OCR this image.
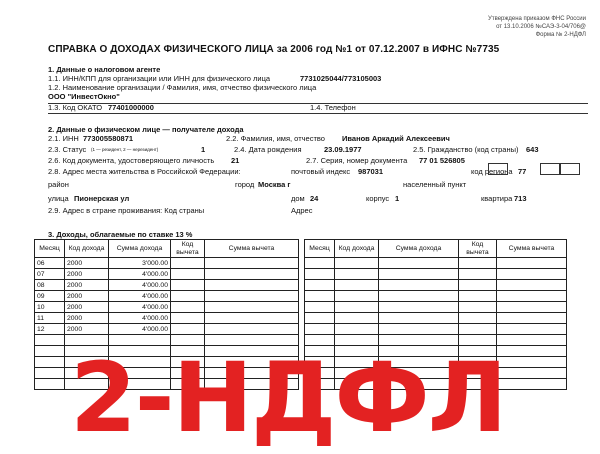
Утверждена приказом ФНС России
от 13.10.2006 №САЭ-3-04/706@
Форма № 2-НДФЛ
СПРАВКА О ДОХОДАХ ФИЗИЧЕСКОГО ЛИЦА за 2006 год №1 от 07.12.2007 в ИФНС №7735
1. Данные о налоговом агенте
1.1. ИНН/КПП для организации или ИНН для физического лица	7731025044/773105003
1.2. Наименование организации / Фамилия, имя, отчество физического лица
ООО "ИнвестОкно"
1.3. Код ОКАТО 77401000000	1.4. Телефон
2. Данные о физическом лице — получателе дохода
2.1. ИНН 773005580871	2.2. Фамилия, имя, отчество Иванов Аркадий Алексеевич
2.3. Статус (1 — резидент, 2 — нерезидент)	1	2.4. Дата рождения	23.09.1977	2.5. Гражданство (код страны) 643
2.6. Код документа, удостоверяющего личность 21	2.7. Серия, номер документа 77 01 526805
2.8. Адрес места жительства в Российской Федерации:	почтовый индекс 987031	код региона 77
район	город Москва г	населенный пункт
улица Пионерская ул	дом 24	корпус 1	квартира 713
2.9. Адрес в стране проживания: Код страны	Адрес
3. Доходы, облагаемые по ставке 13 %
Месяц	Код дохода	Сумма дохода	Код вычета	Сумма вычета
06	2000	3'000.00		
07	2000	4'000.00		
08	2000	4'000.00		
09	2000	4'000.00		
10	2000	4'000.00		
11	2000	4'000.00		
12	2000	4'000.00		

Месяц	Код дохода	Сумма дохода	Код вычета	Сумма вычета

2-НДФЛ
